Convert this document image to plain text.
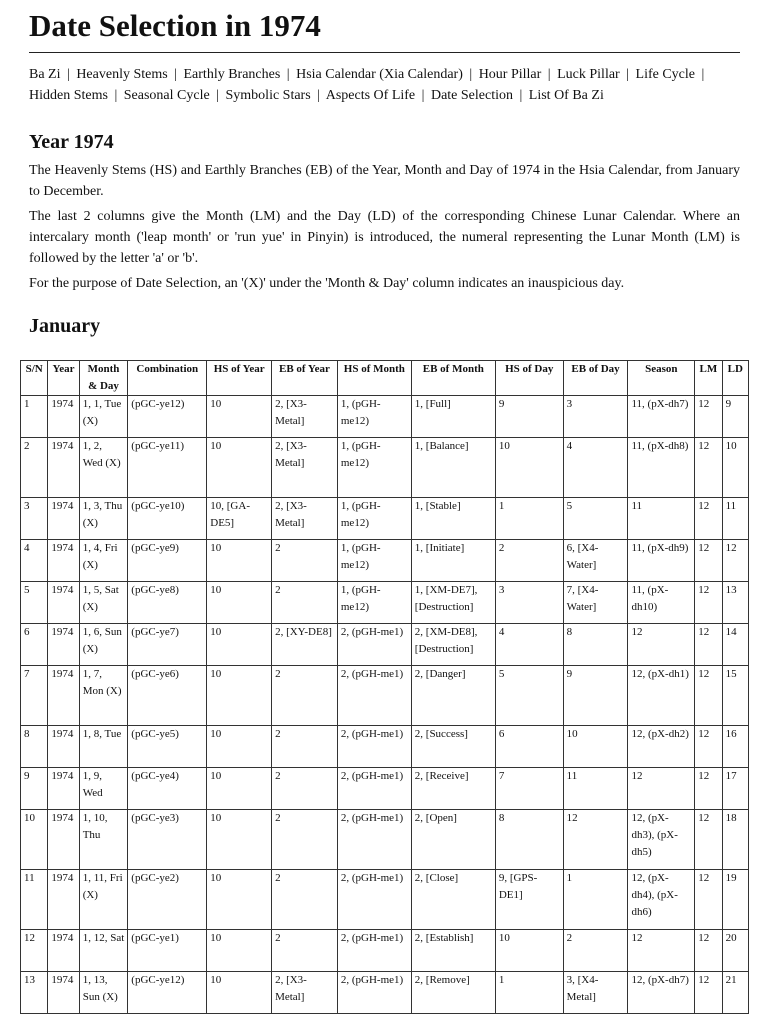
Date Selection in 1974
Ba Zi | Heavenly Stems | Earthly Branches | Hsia Calendar (Xia Calendar) | Hour Pillar | Luck Pillar | Life Cycle | Hidden Stems | Seasonal Cycle | Symbolic Stars | Aspects Of Life | Date Selection | List Of Ba Zi
Year 1974

The Heavenly Stems (HS) and Earthly Branches (EB) of the Year, Month and Day of 1974 in the Hsia Calendar, from January to December.

The last 2 columns give the Month (LM) and the Day (LD) of the corresponding Chinese Lunar Calendar. Where an intercalary month ('leap month' or 'run yue' in Pinyin) is introduced, the numeral representing the Lunar Month (LM) is followed by the letter 'a' or 'b'.

For the purpose of Date Selection, an '(X)' under the 'Month & Day' column indicates an inauspicious day.

January
S/N	Year	Month & Day	Combination	HS of Year	EB of Year	HS of Month	EB of Month	HS of Day	EB of Day	Season	LM	LD
1	1974	1, 1, Tue (X)	(pGC-ye12)	10	2, [X3-Metal]	1, (pGH-me12)	1, [Full]	9	3	11, (pX-dh7)	12	9
2	1974	1, 2, Wed (X)	(pGC-ye11)	10	2, [X3-Metal]	1, (pGH-me12)	1, [Balance]	10	4	11, (pX-dh8)	12	10
3	1974	1, 3, Thu (X)	(pGC-ye10)	10, [GA-DE5]	2, [X3-Metal]	1, (pGH-me12)	1, [Stable]	1	5	11	12	11
4	1974	1, 4, Fri (X)	(pGC-ye9)	10	2	1, (pGH-me12)	1, [Initiate]	2	6, [X4-Water]	11, (pX-dh9)	12	12
5	1974	1, 5, Sat (X)	(pGC-ye8)	10	2	1, (pGH-me12)	1, [XM-DE7], [Destruction]	3	7, [X4-Water]	11, (pX-dh10)	12	13
6	1974	1, 6, Sun (X)	(pGC-ye7)	10	2, [XY-DE8]	2, (pGH-me1)	2, [XM-DE8], [Destruction]	4	8	12	12	14
7	1974	1, 7, Mon (X)	(pGC-ye6)	10	2	2, (pGH-me1)	2, [Danger]	5	9	12, (pX-dh1)	12	15
8	1974	1, 8, Tue	(pGC-ye5)	10	2	2, (pGH-me1)	2, [Success]	6	10	12, (pX-dh2)	12	16
9	1974	1, 9, Wed	(pGC-ye4)	10	2	2, (pGH-me1)	2, [Receive]	7	11	12	12	17
10	1974	1, 10, Thu	(pGC-ye3)	10	2	2, (pGH-me1)	2, [Open]	8	12	12, (pX-dh3), (pX-dh5)	12	18
11	1974	1, 11, Fri (X)	(pGC-ye2)	10	2	2, (pGH-me1)	2, [Close]	9, [GPS-DE1]	1	12, (pX-dh4), (pX-dh6)	12	19
12	1974	1, 12, Sat	(pGC-ye1)	10	2	2, (pGH-me1)	2, [Establish]	10	2	12	12	20
13	1974	1, 13, Sun (X)	(pGC-ye12)	10	2, [X3-Metal]	2, (pGH-me1)	2, [Remove]	1	3, [X4-Metal]	12, (pX-dh7)	12	21
